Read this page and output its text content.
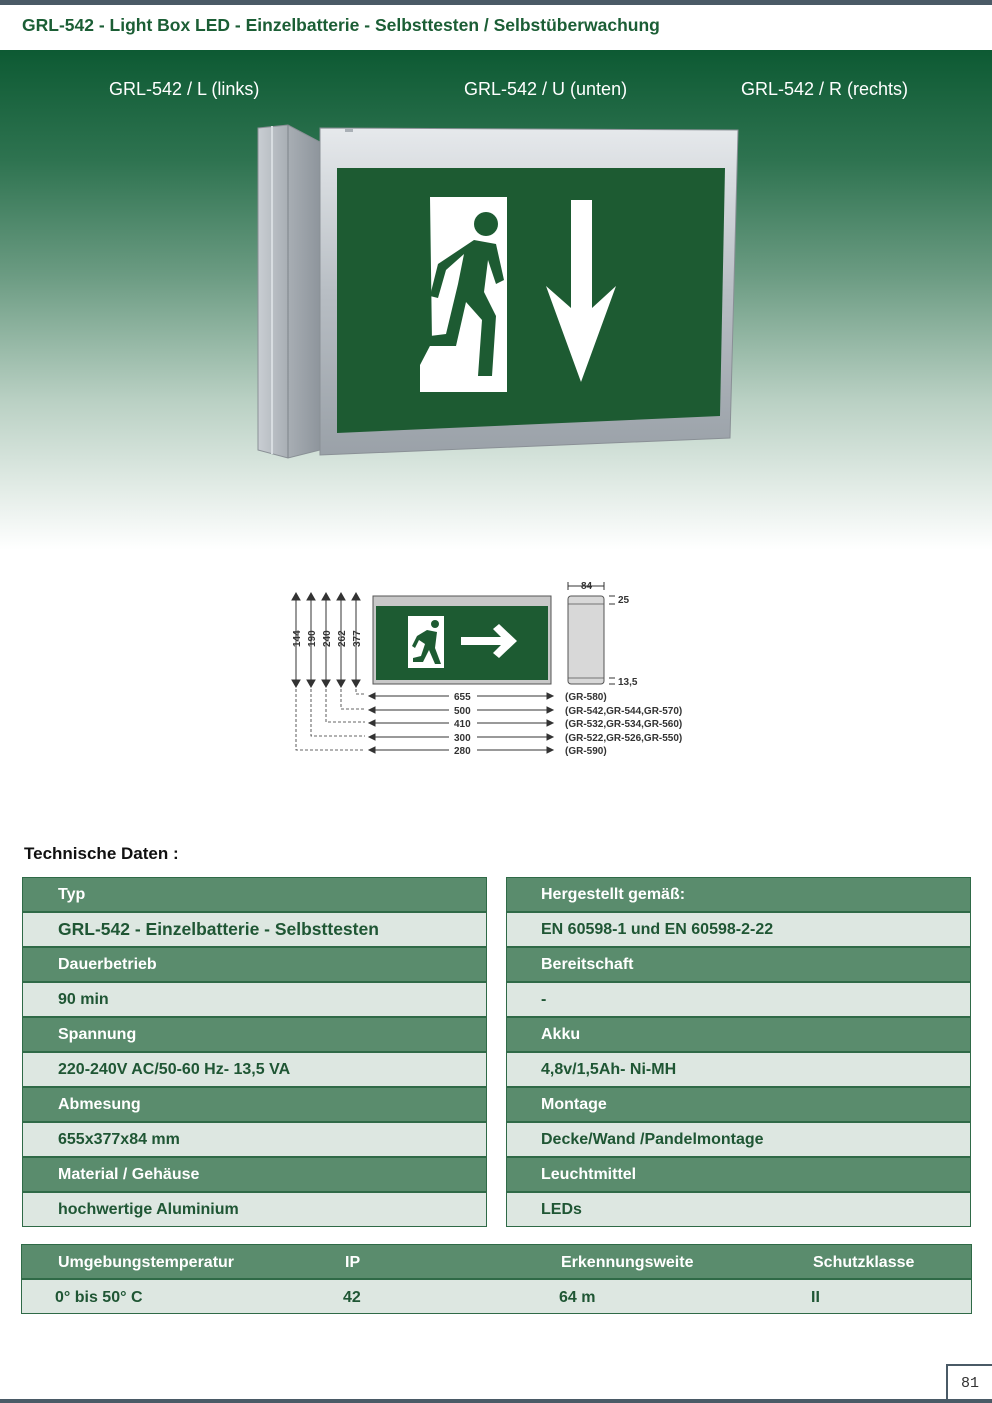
GRL-542 - Light Box LED - Einzelbatterie - Selbsttesten / Selbstüberwachung
GRL-542 / L (links)	GRL-542 / U (unten)	GRL-542 / R (rechts)
144 190 240 262 377
84
25
13,5
655
500
410
300
280
(GR-580)
(GR-542,GR-544,GR-570)
(GR-532,GR-534,GR-560)
(GR-522,GR-526,GR-550)
(GR-590)
Technische Daten :
Typ
GRL-542 - Einzelbatterie - Selbsttesten
Dauerbetrieb
90 min
Spannung
220-240V AC/50-60 Hz- 13,5 VA
Abmesung
655x377x84 mm
Material / Gehäuse
hochwertige Aluminium
Hergestellt gemäß:
EN 60598-1 und EN 60598-2-22
Bereitschaft
-
Akku
4,8v/1,5Ah- Ni-MH
Montage
Decke/Wand /Pandelmontage
Leuchtmittel
LEDs
Umgebungstemperatur	IP	Erkennungsweite	Schutzklasse
0° bis 50° C	42	64 m	II
81
